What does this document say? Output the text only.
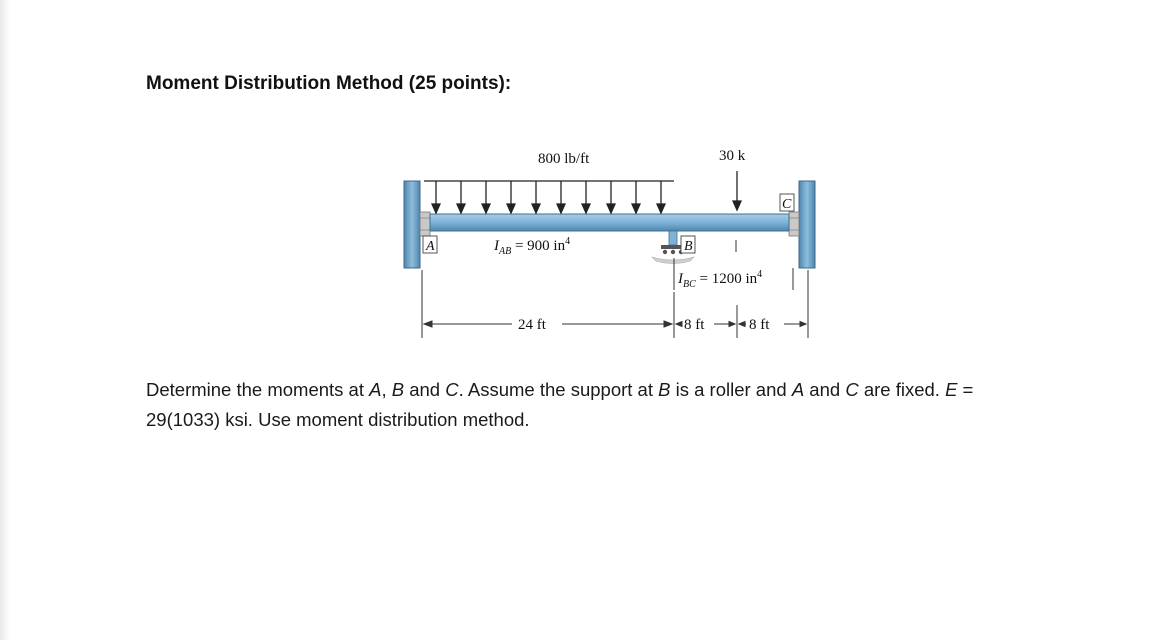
Moment Distribution Method (25 points):
800 lb/ft	30 k
A	B
C
$I_{AB} = 900$ $in^4$
$I_{BC} = 1200$ $in^4$
24 ft	8 ft	8 ft
Determine the moments at A, B and C. Assume the support at B is a roller and A and C are fixed. E = 29(1033) ksi. Use moment distribution method.
